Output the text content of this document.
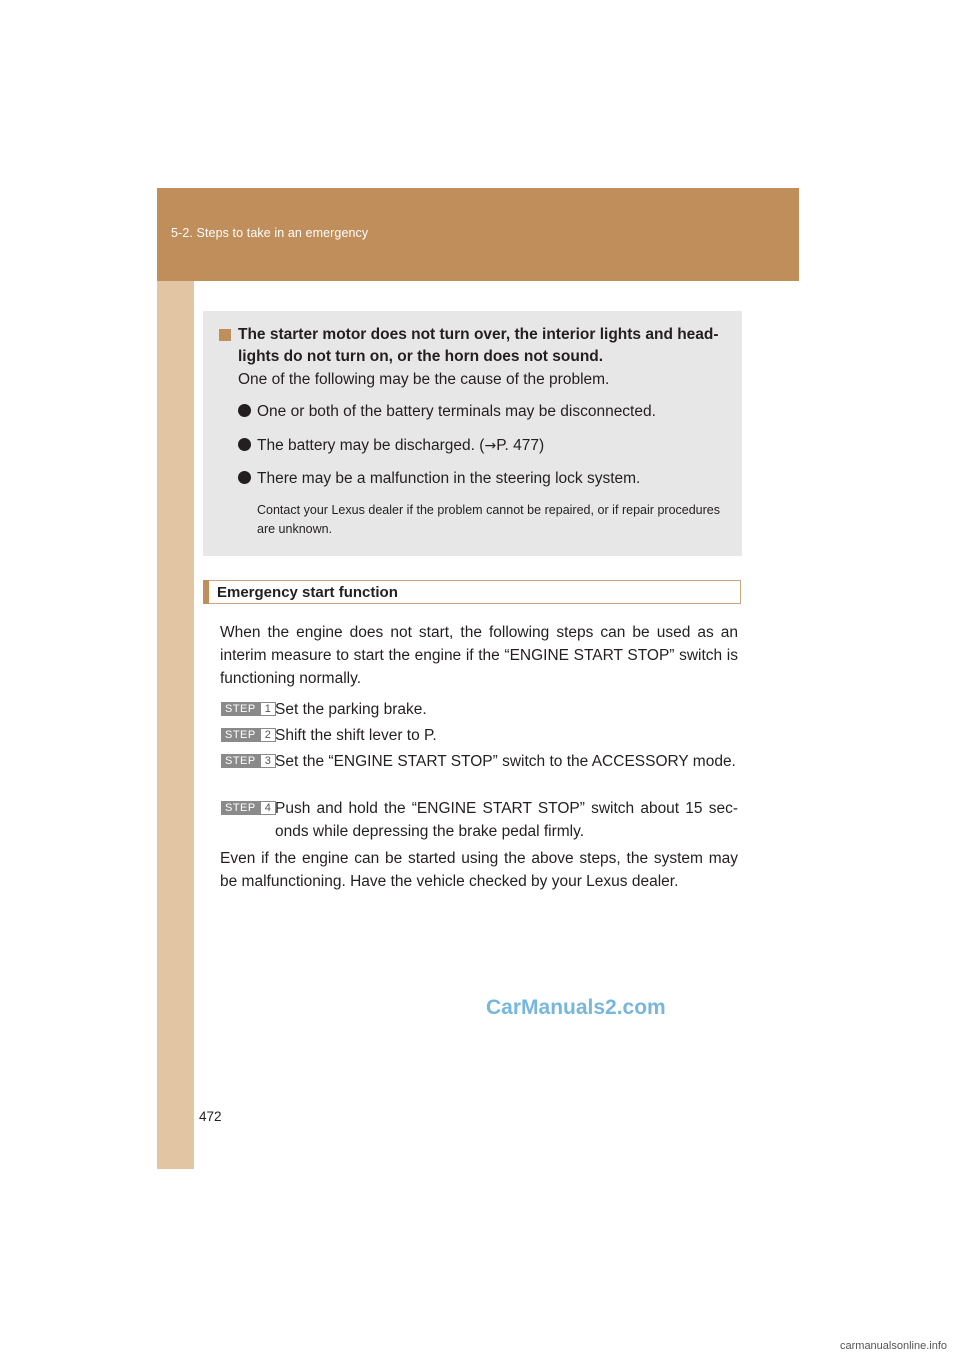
5-2. Steps to take in an emergency
The starter motor does not turn over, the interior lights and head-lights do not turn on, or the horn does not sound.
One of the following may be the cause of the problem.
One or both of the battery terminals may be disconnected.
The battery may be discharged. (→P. 477)
There may be a malfunction in the steering lock system.
Contact your Lexus dealer if the problem cannot be repaired, or if repair procedures are unknown.
Emergency start function
When the engine does not start, the following steps can be used as an interim measure to start the engine if the “ENGINE START STOP” switch is functioning normally.
STEP 1 Set the parking brake.
STEP 2 Shift the shift lever to P.
STEP 3 Set the “ENGINE START STOP” switch to the ACCESSORY mode.
STEP 4 Push and hold the “ENGINE START STOP” switch about 15 sec-onds while depressing the brake pedal firmly.
Even if the engine can be started using the above steps, the system may be malfunctioning. Have the vehicle checked by your Lexus dealer.
CarManuals2.com
472
carmanualsonline.info
